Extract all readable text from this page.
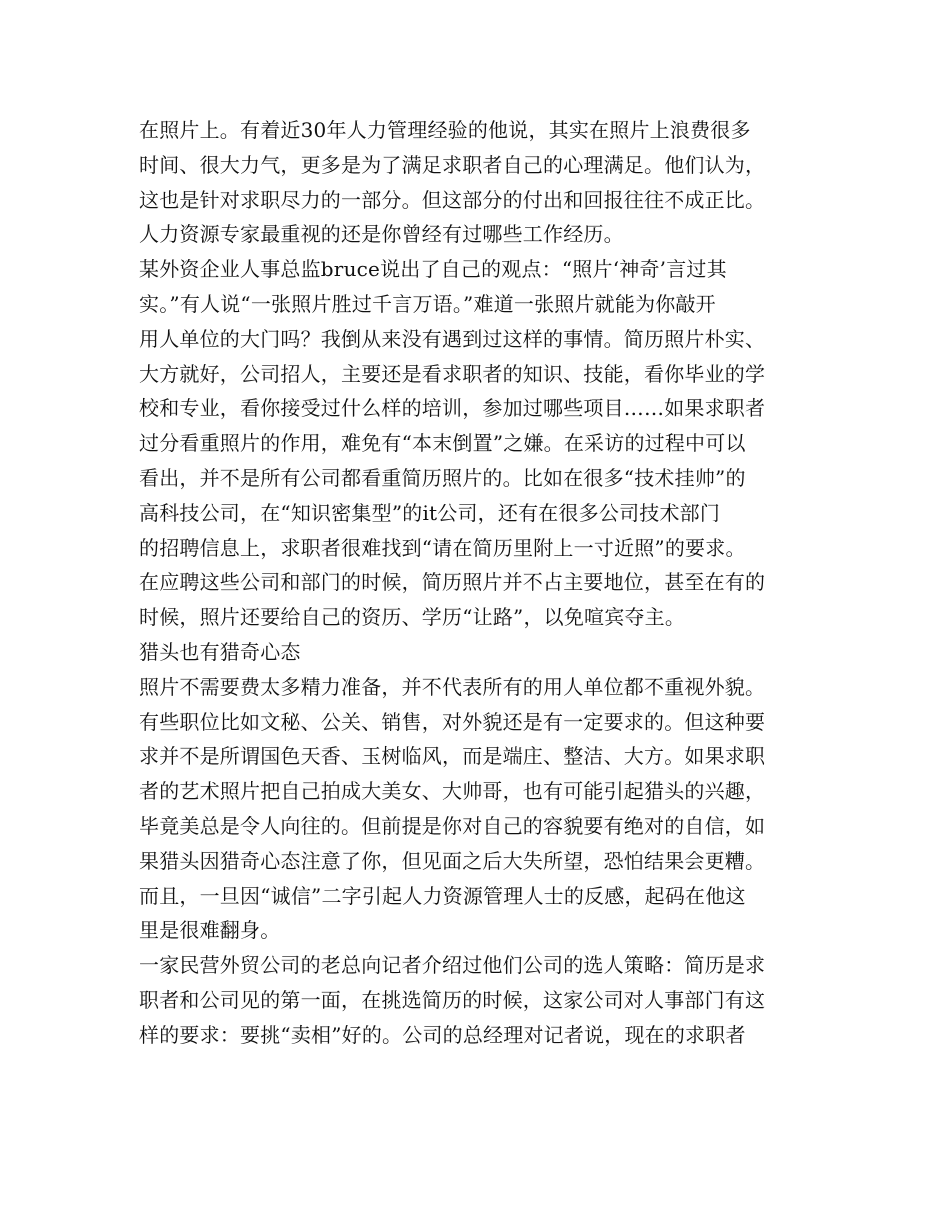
在照片上。有着近30年人力管理经验的他说，其实在照片上浪费很多
时间、很大力气，更多是为了满足求职者自己的心理满足。他们认为，
这也是针对求职尽力的一部分。但这部分的付出和回报往往不成正比。
人力资源专家最重视的还是你曾经有过哪些工作经历。
某外资企业人事总监bruce说出了自己的观点：“照片‘神奇’言过其
实。”有人说“一张照片胜过千言万语。”难道一张照片就能为你敲开
用人单位的大门吗？我倒从来没有遇到过这样的事情。简历照片朴实、
大方就好，公司招人，主要还是看求职者的知识、技能，看你毕业的学
校和专业，看你接受过什么样的培训，参加过哪些项目……如果求职者
过分看重照片的作用，难免有“本末倒置”之嫌。在采访的过程中可以
看出，并不是所有公司都看重简历照片的。比如在很多“技术挂帅”的
高科技公司，在“知识密集型”的it公司，还有在很多公司技术部门
的招聘信息上，求职者很难找到“请在简历里附上一寸近照”的要求。
在应聘这些公司和部门的时候，简历照片并不占主要地位，甚至在有的
时候，照片还要给自己的资历、学历“让路”，以免喧宾夺主。
猎头也有猎奇心态
照片不需要费太多精力准备，并不代表所有的用人单位都不重视外貌。
有些职位比如文秘、公关、销售，对外貌还是有一定要求的。但这种要
求并不是所谓国色天香、玉树临风，而是端庄、整洁、大方。如果求职
者的艺术照片把自己拍成大美女、大帅哥，也有可能引起猎头的兴趣，
毕竟美总是令人向往的。但前提是你对自己的容貌要有绝对的自信，如
果猎头因猎奇心态注意了你，但见面之后大失所望，恐怕结果会更糟。
而且，一旦因“诚信”二字引起人力资源管理人士的反感，起码在他这
里是很难翻身。
一家民营外贸公司的老总向记者介绍过他们公司的选人策略：简历是求
职者和公司见的第一面，在挑选简历的时候，这家公司对人事部门有这
样的要求：要挑“卖相”好的。公司的总经理对记者说，现在的求职者
